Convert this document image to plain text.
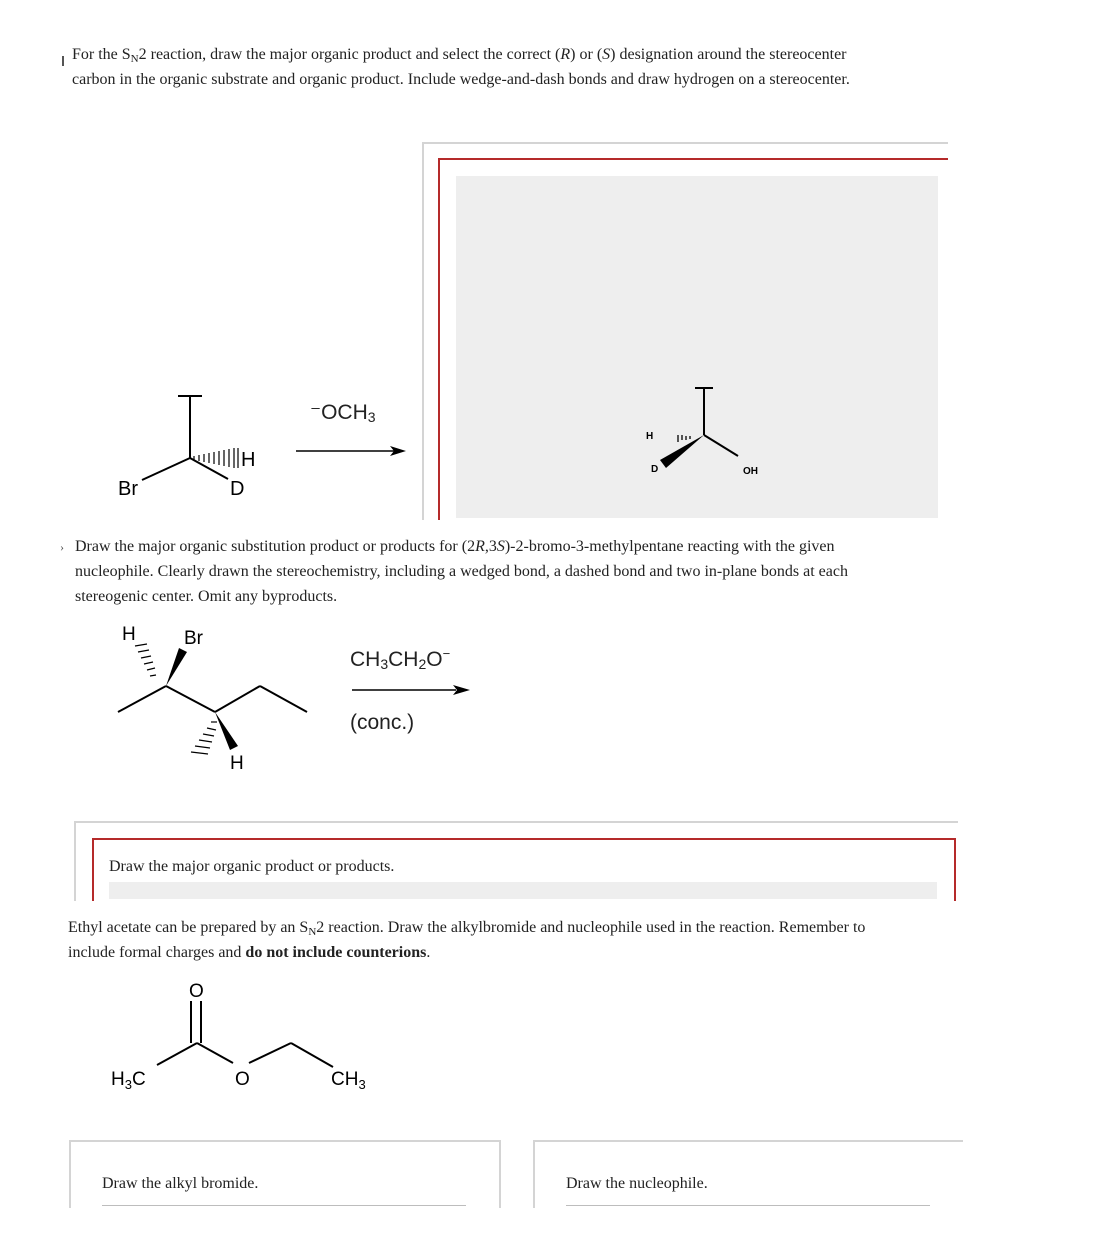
For the $S_N2$ reaction, draw the major organic product and select the correct (R) or (S) designation around the stereocenter
carbon in the organic substrate and organic product. Include wedge-and-dash bonds and draw hydrogen on a stereocenter.
H
D
Br
$^-OCH_3$
H
D	OH
› Draw the major organic substitution product or products for (2R,3S)-2-bromo-3-methylpentane reacting with the given
nucleophile. Clearly drawn the stereochemistry, including a wedged bond, a dashed bond and two in-plane bonds at each
stereogenic center. Omit any byproducts.
H	Br
H
$CH_3CH_2O^-$
(conc.)
Draw the major organic product or products.
Ethyl acetate can be prepared by an $S_N2$ reaction. Draw the alkylbromide and nucleophile used in the reaction. Remember to
include formal charges and do not include counterions.
O
$H_3C$	O	$CH_3$
Draw the alkyl bromide.	Draw the nucleophile.
